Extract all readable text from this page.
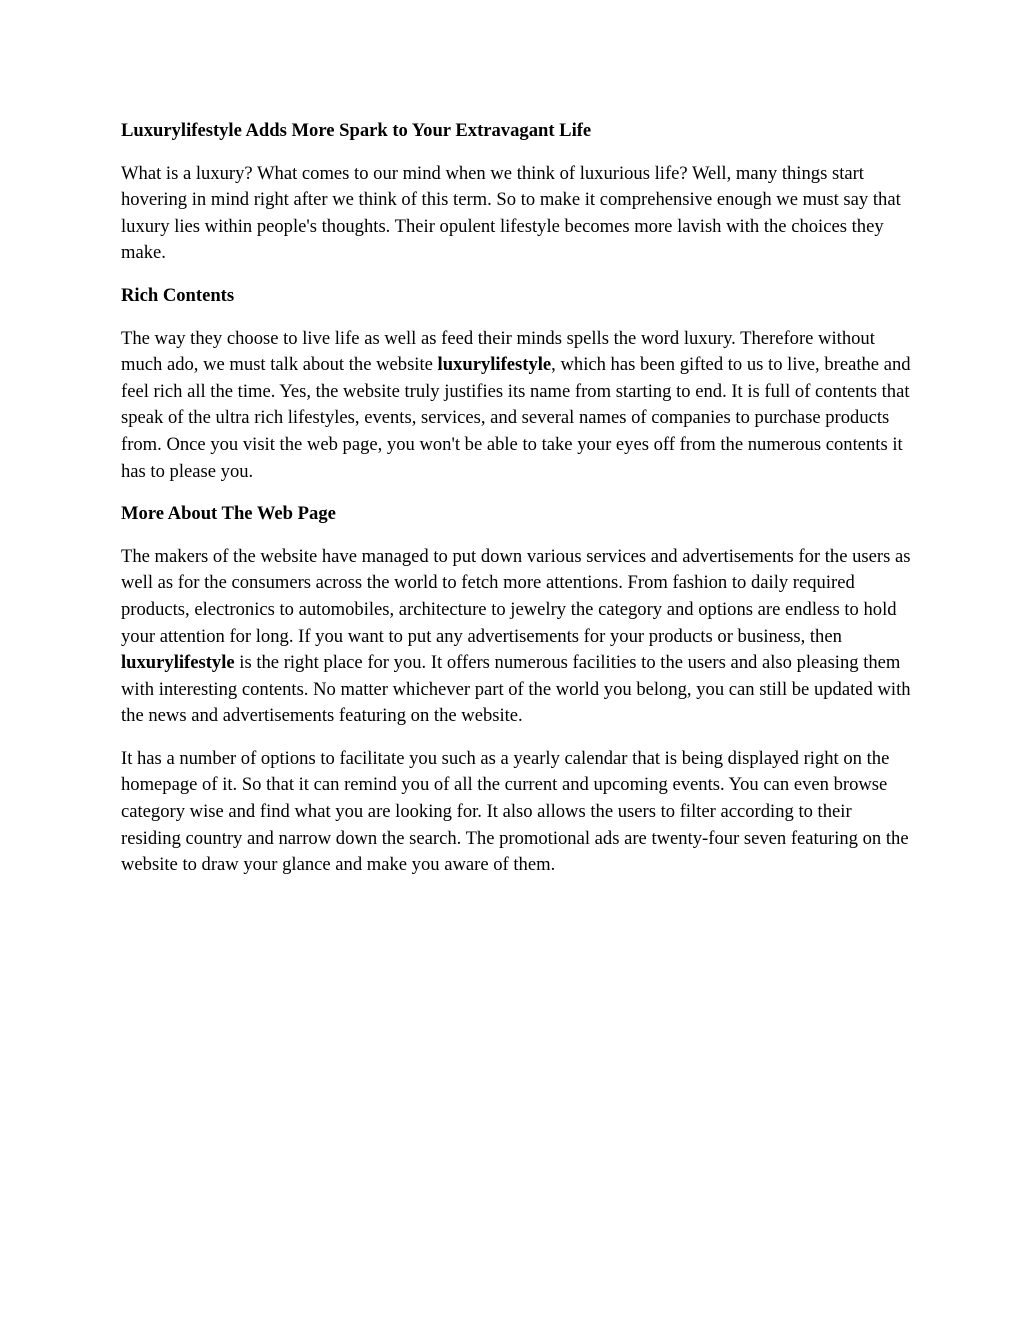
Luxurylifestyle Adds More Spark to Your Extravagant Life

What is a luxury? What comes to our mind when we think of luxurious life? Well, many things start hovering in mind right after we think of this term. So to make it comprehensive enough we must say that luxury lies within people's thoughts. Their opulent lifestyle becomes more lavish with the choices they make.

Rich Contents

The way they choose to live life as well as feed their minds spells the word luxury. Therefore without much ado, we must talk about the website luxurylifestyle, which has been gifted to us to live, breathe and feel rich all the time. Yes, the website truly justifies its name from starting to end. It is full of contents that speak of the ultra rich lifestyles, events, services, and several names of companies to purchase products from. Once you visit the web page, you won't be able to take your eyes off from the numerous contents it has to please you.

More About The Web Page

The makers of the website have managed to put down various services and advertisements for the users as well as for the consumers across the world to fetch more attentions. From fashion to daily required products, electronics to automobiles, architecture to jewelry the category and options are endless to hold your attention for long. If you want to put any advertisements for your products or business, then luxurylifestyle is the right place for you. It offers numerous facilities to the users and also pleasing them with interesting contents. No matter whichever part of the world you belong, you can still be updated with the news and advertisements featuring on the website.

It has a number of options to facilitate you such as a yearly calendar that is being displayed right on the homepage of it. So that it can remind you of all the current and upcoming events. You can even browse category wise and find what you are looking for. It also allows the users to filter according to their residing country and narrow down the search. The promotional ads are twenty-four seven featuring on the website to draw your glance and make you aware of them.
